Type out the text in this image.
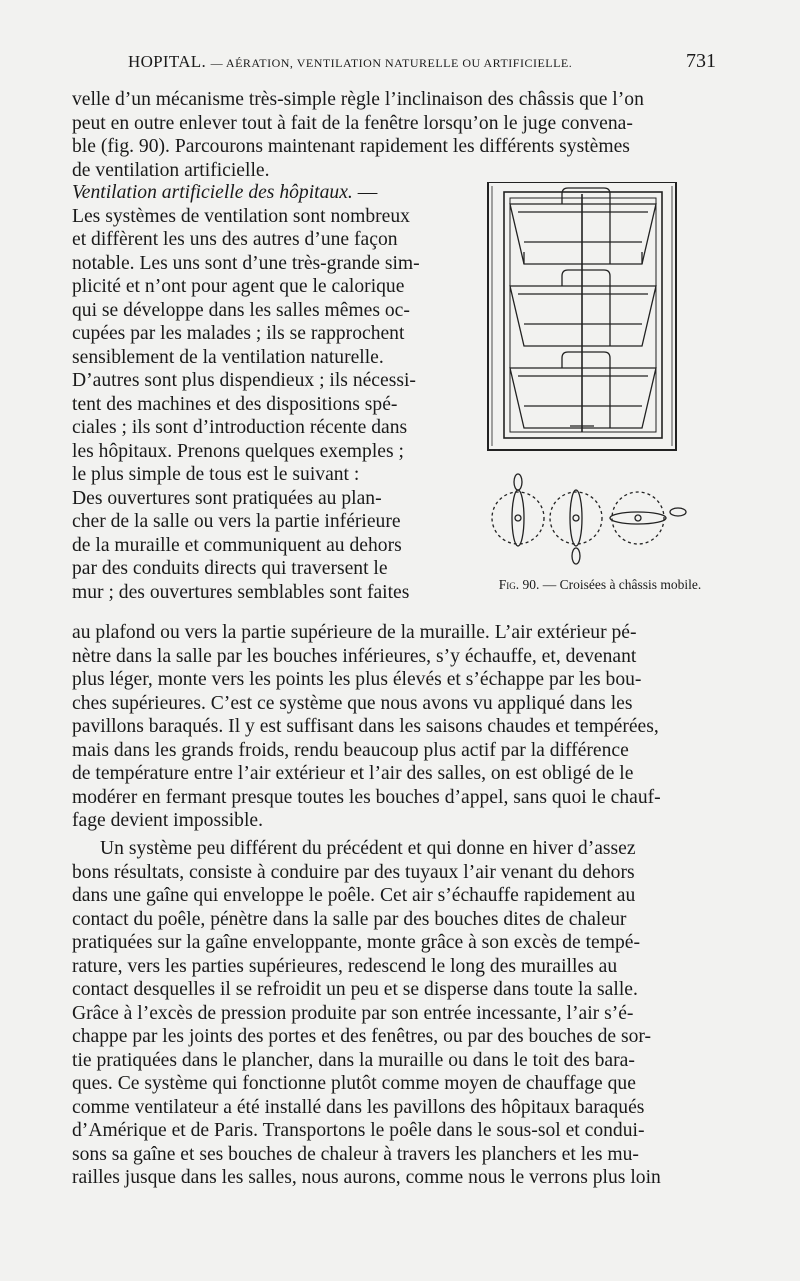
HOPITAL. — AÉRATION, VENTILATION NATURELLE OU ARTIFICIELLE.	731

velle d’un mécanisme très-simple règle l’inclinaison des châssis que l’on

peut en outre enlever tout à fait de la fenêtre lorsqu’on le juge convena-

ble (fig. 90). Parcourons maintenant rapidement les différents systèmes

de ventilation artificielle.

Ventilation artificielle des hôpitaux. —

Les systèmes de ventilation sont nombreux

et diffèrent les uns des autres d’une façon

notable. Les uns sont d’une très-grande sim-

plicité et n’ont pour agent que le calorique

qui se développe dans les salles mêmes oc-

cupées par les malades ; ils se rapprochent

sensiblement de la ventilation naturelle.

D’autres sont plus dispendieux ; ils nécessi-

tent des machines et des dispositions spé-

ciales ; ils sont d’introduction récente dans

les hôpitaux. Prenons quelques exemples ;

le plus simple de tous est le suivant :

Des ouvertures sont pratiquées au plan-

cher de la salle ou vers la partie inférieure

de la muraille et communiquent au dehors

par des conduits directs qui traversent le

mur ; des ouvertures semblables sont faites	Fig. 90. — Croisées à châssis mobile.

au plafond ou vers la partie supérieure de la muraille. L’air extérieur pé-

nètre dans la salle par les bouches inférieures, s’y échauffe, et, devenant

plus léger, monte vers les points les plus élevés et s’échappe par les bou-

ches supérieures. C’est ce système que nous avons vu appliqué dans les

pavillons baraqués. Il y est suffisant dans les saisons chaudes et tempérées,

mais dans les grands froids, rendu beaucoup plus actif par la différence

de température entre l’air extérieur et l’air des salles, on est obligé de le

modérer en fermant presque toutes les bouches d’appel, sans quoi le chauf-

fage devient impossible.

Un système peu différent du précédent et qui donne en hiver d’assez

bons résultats, consiste à conduire par des tuyaux l’air venant du dehors

dans une gaîne qui enveloppe le poêle. Cet air s’échauffe rapidement au

contact du poêle, pénètre dans la salle par des bouches dites de chaleur

pratiquées sur la gaîne enveloppante, monte grâce à son excès de tempé-

rature, vers les parties supérieures, redescend le long des murailles au

contact desquelles il se refroidit un peu et se disperse dans toute la salle.

Grâce à l’excès de pression produite par son entrée incessante, l’air s’é-

chappe par les joints des portes et des fenêtres, ou par des bouches de sor-

tie pratiquées dans le plancher, dans la muraille ou dans le toit des bara-

ques. Ce système qui fonctionne plutôt comme moyen de chauffage que

comme ventilateur a été installé dans les pavillons des hôpitaux baraqués

d’Amérique et de Paris. Transportons le poêle dans le sous-sol et condui-

sons sa gaîne et ses bouches de chaleur à travers les planchers et les mu-

railles jusque dans les salles, nous aurons, comme nous le verrons plus loin
